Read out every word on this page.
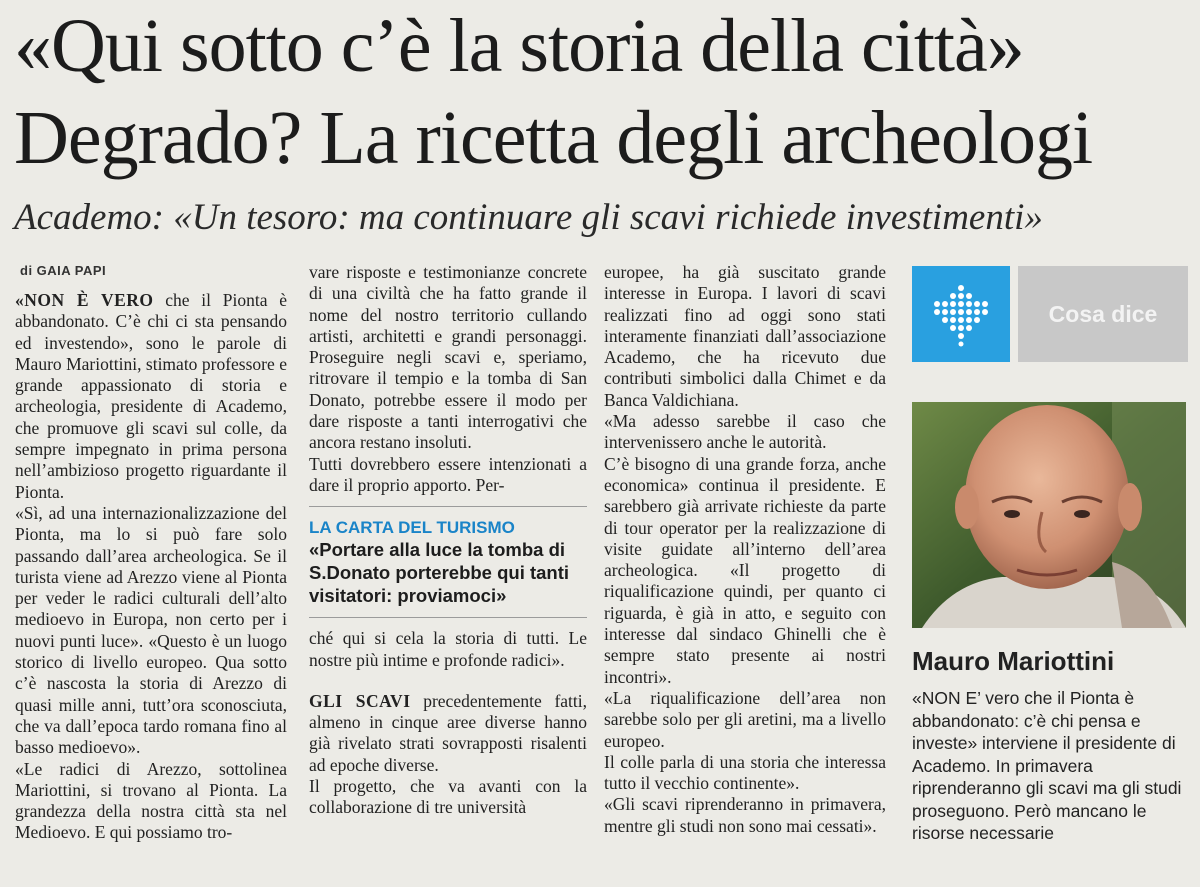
«Qui sotto c’è la storia della città»
Degrado? La ricetta degli archeologi
Academo: «Un tesoro: ma continuare gli scavi richiede investimenti»
di GAIA PAPI

«NON È VERO che il Pionta è abbandonato. C’è chi ci sta pensando ed investendo», sono le parole di Mauro Mariottini, stimato professore e grande appassionato di storia e archeologia, presidente di Academo, che promuove gli scavi sul colle, da sempre impegnato in prima persona nell’ambizioso progetto riguardante il Pionta.

«Sì, ad una internazionalizzazione del Pionta, ma lo si può fare solo passando dall’area archeologica. Se il turista viene ad Arezzo viene al Pionta per veder le radici culturali dell’alto medioevo in Europa, non certo per i nuovi punti luce». «Questo è un luogo storico di livello europeo. Qua sotto c’è nascosta la storia di Arezzo di quasi mille anni, tutt’ora sconosciuta, che va dall’epoca tardo romana fino al basso medioevo».

«Le radici di Arezzo, sottolinea Mariottini, si trovano al Pionta. La grandezza della nostra città sta nel Medioevo. E qui possiamo tro-

vare risposte e testimonianze concrete di una civiltà che ha fatto grande il nome del nostro territorio cullando artisti, architetti e grandi personaggi. Proseguire negli scavi e, speriamo, ritrovare il tempio e la tomba di San Donato, potrebbe essere il modo per dare risposte a tanti interrogativi che ancora restano insoluti.

Tutti dovrebbero essere intenzionati a dare il proprio apporto. Per-

LA CARTA DEL TURISMO
«Portare alla luce la tomba di S.Donato porterebbe qui tanti visitatori: proviamoci»

ché qui si cela la storia di tutti. Le nostre più intime e profonde radici».

GLI SCAVI precedentemente fatti, almeno in cinque aree diverse hanno già rivelato strati sovrapposti risalenti ad epoche diverse.

Il progetto, che va avanti con la collaborazione di tre università

europee, ha già suscitato grande interesse in Europa. I lavori di scavi realizzati fino ad oggi sono stati interamente finanziati dall’associazione Academo, che ha ricevuto due contributi simbolici dalla Chimet e da Banca Valdichiana.

«Ma adesso sarebbe il caso che intervenissero anche le autorità.

C’è bisogno di una grande forza, anche economica» continua il presidente. E sarebbero già arrivate richieste da parte di tour operator per la realizzazione di visite guidate all’interno dell’area archeologica. «Il progetto di riqualificazione quindi, per quanto ci riguarda, è già in atto, e seguito con interesse dal sindaco Ghinelli che è sempre stato presente ai nostri incontri».

«La riqualificazione dell’area non sarebbe solo per gli aretini, ma a livello europeo.

Il colle parla di una storia che interessa tutto il vecchio continente».

«Gli scavi riprenderanno in primavera, mentre gli studi non sono mai cessati».

Cosa dice
Mauro Mariottini
«NON E’ vero che il Pionta è abbandonato: c’è chi pensa e investe» interviene il presidente di Academo. In primavera riprenderanno gli scavi ma gli studi proseguono. Però mancano le risorse necessarie
